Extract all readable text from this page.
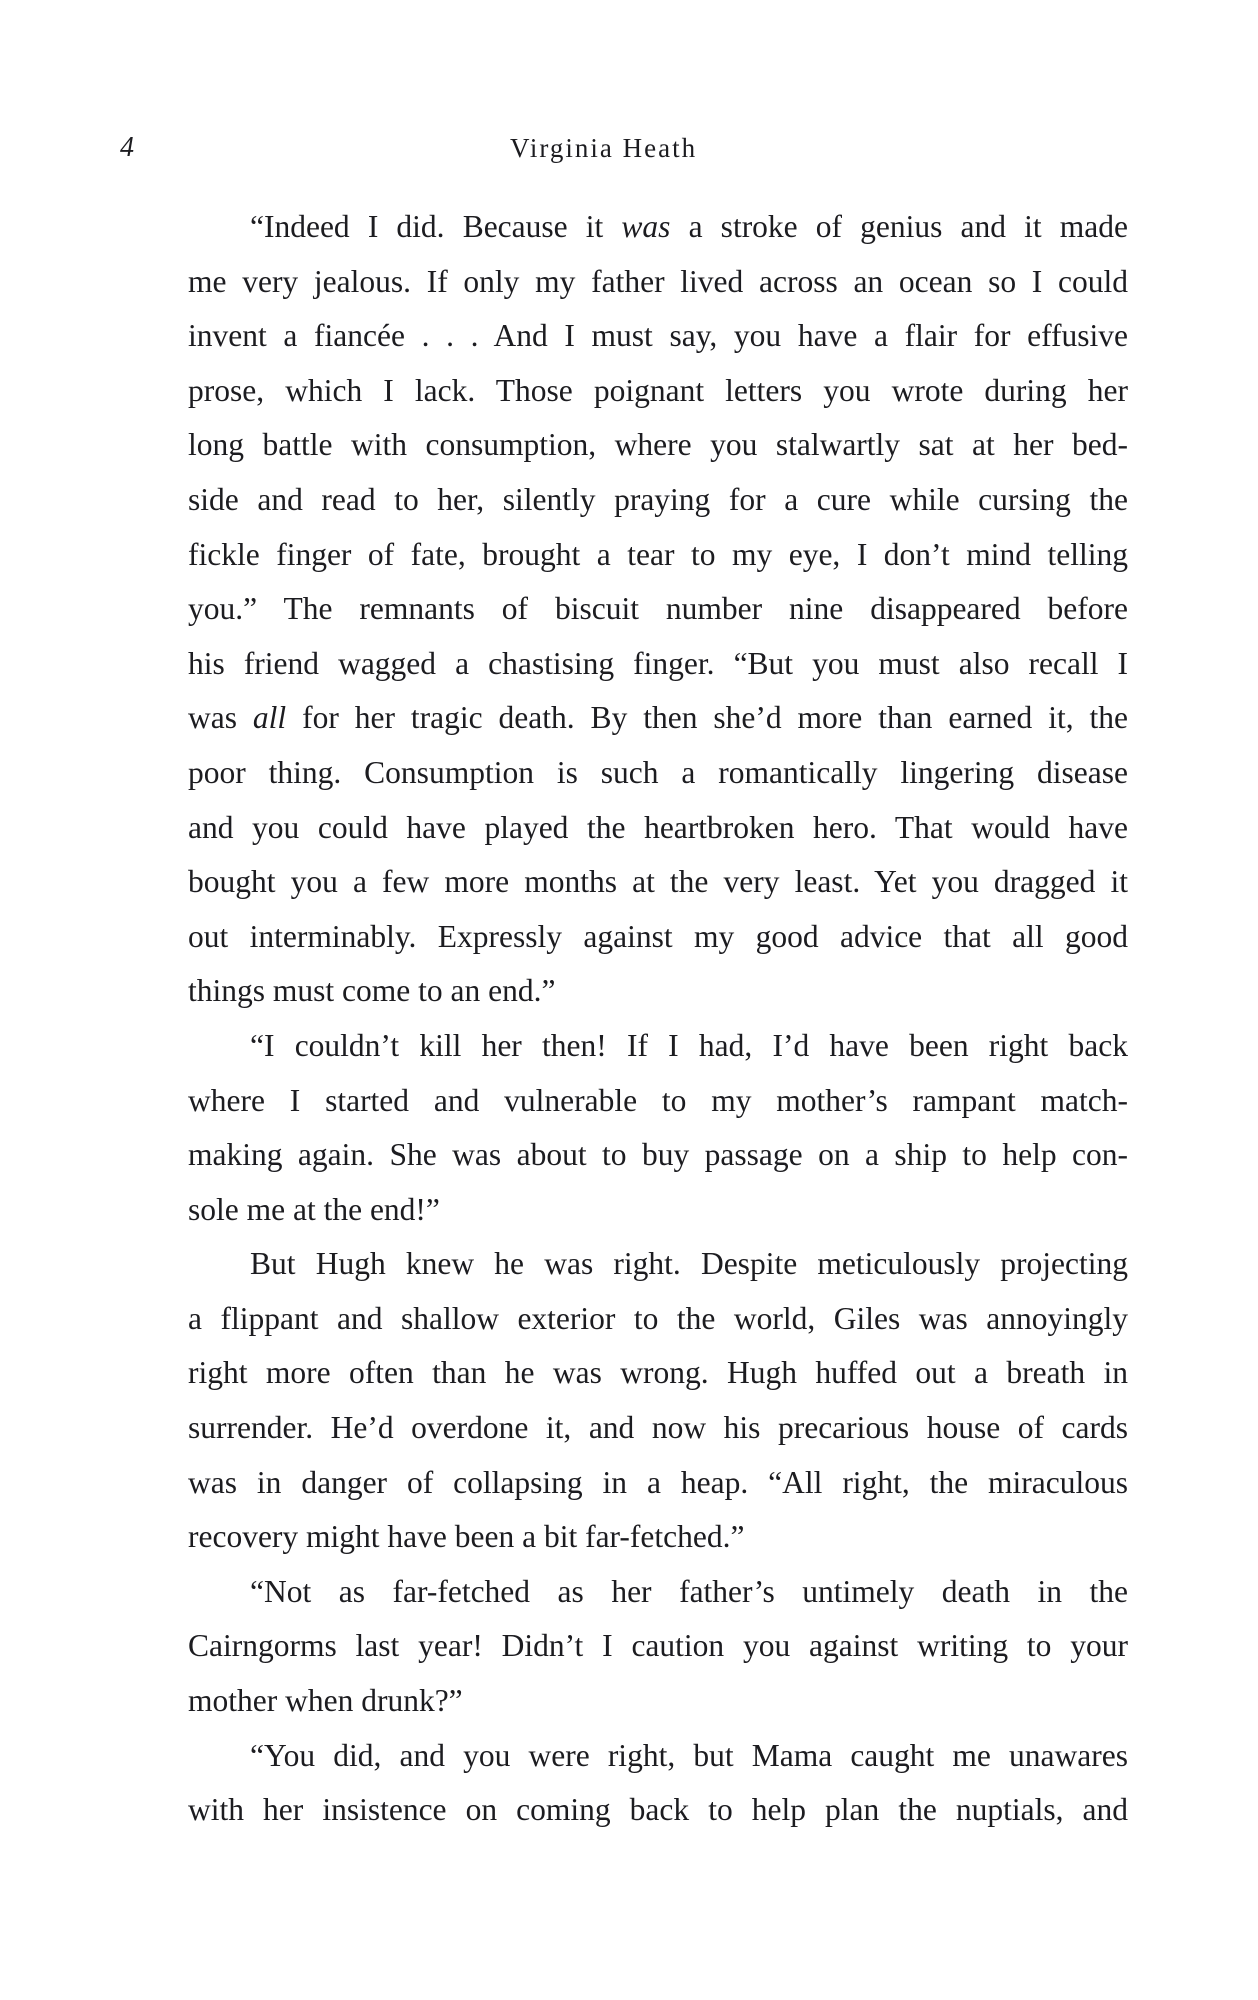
4	Virginia Heath
“Indeed I did. Because it was a stroke of genius and it made
me very jealous. If only my father lived across an ocean so I could
invent a fiancée . . . And I must say, you have a flair for effusive
prose, which I lack. Those poignant letters you wrote during her
long battle with consumption, where you stalwartly sat at her bed-
side and read to her, silently praying for a cure while cursing the
fickle finger of fate, brought a tear to my eye, I don’t mind telling
you.” The remnants of biscuit number nine disappeared before
his friend wagged a chastising finger. “But you must also recall I
was all for her tragic death. By then she’d more than earned it, the
poor thing. Consumption is such a romantically lingering disease
and you could have played the heartbroken hero. That would have
bought you a few more months at the very least. Yet you dragged it
out interminably. Expressly against my good advice that all good
things must come to an end.”
“I couldn’t kill her then! If I had, I’d have been right back
where I started and vulnerable to my mother’s rampant match-
making again. She was about to buy passage on a ship to help con-
sole me at the end!”
But Hugh knew he was right. Despite meticulously projecting
a flippant and shallow exterior to the world, Giles was annoyingly
right more often than he was wrong. Hugh huffed out a breath in
surrender. He’d overdone it, and now his precarious house of cards
was in danger of collapsing in a heap. “All right, the miraculous
recovery might have been a bit far-fetched.”
“Not as far-fetched as her father’s untimely death in the
Cairngorms last year! Didn’t I caution you against writing to your
mother when drunk?”
“You did, and you were right, but Mama caught me unawares
with her insistence on coming back to help plan the nuptials, and
